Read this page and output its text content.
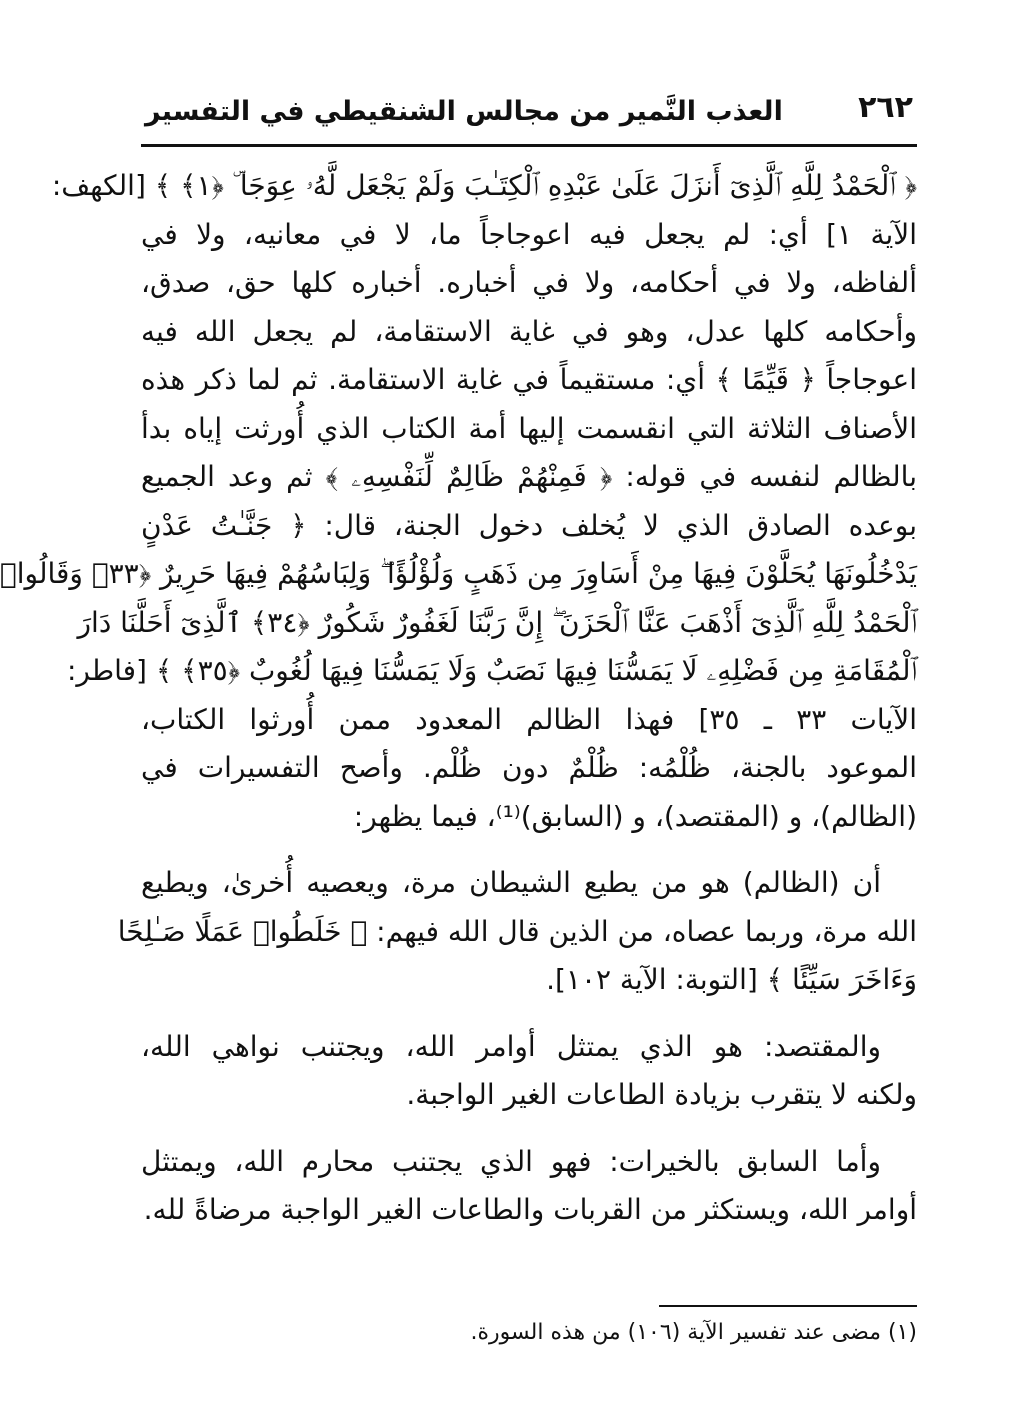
٢٦٢
العذب النَّمير من مجالس الشنقيطي في التفسير
﴿ ٱلْحَمْدُ لِلَّهِ ٱلَّذِىٓ أَنزَلَ عَلَىٰ عَبْدِهِ ٱلْكِتَـٰبَ وَلَمْ يَجْعَل لَّهُۥ عِوَجَا ۜ ﴿١﴾ ﴾ [الكهف:
الآية ١] أي: لم يجعل فيه اعوجاجاً ما، لا في معانيه، ولا في
ألفاظه، ولا في أحكامه، ولا في أخباره. أخباره كلها حق، صدق،
وأحكامه كلها عدل، وهو في غاية الاستقامة، لم يجعل الله فيه
اعوجاجاً ﴿ قَيِّمًا ﴾ أي: مستقيماً في غاية الاستقامة. ثم لما ذكر هذه
الأصناف الثلاثة التي انقسمت إليها أمة الكتاب الذي أُورثت إياه بدأ
بالظالم لنفسه في قوله: ﴿ فَمِنْهُمْ ظَالِمٌ لِّنَفْسِهِۦ ﴾ ثم وعد الجميع
بوعده الصادق الذي لا يُخلف دخول الجنة، قال: ﴿ جَنَّـٰتُ عَدْنٍ
يَدْخُلُونَهَا يُحَلَّوْنَ فِيهَا مِنْ أَسَاوِرَ مِن ذَهَبٍ وَلُؤْلُؤًا ۖ وَلِبَاسُهُمْ فِيهَا حَرِيرٌ ﴿٣٣﴾ وَقَالُوا۟
ٱلْحَمْدُ لِلَّهِ ٱلَّذِىٓ أَذْهَبَ عَنَّا ٱلْحَزَنَ ۖ إِنَّ رَبَّنَا لَغَفُورٌ شَكُورٌ ﴿٣٤﴾ ٱلَّذِىٓ أَحَلَّنَا دَارَ
ٱلْمُقَامَةِ مِن فَضْلِهِۦ لَا يَمَسُّنَا فِيهَا نَصَبٌ وَلَا يَمَسُّنَا فِيهَا لُغُوبٌ ﴿٣٥﴾ ﴾ [فاطر:
الآيات ٣٣ ـ ٣٥] فهذا الظالم المعدود ممن أُورثوا الكتاب،
الموعود بالجنة، ظُلْمُه: ظُلْمٌ دون ظُلْم. وأصح التفسيرات في
(الظالم)، و (المقتصد)، و (السابق)⁽¹⁾، فيما يظهر:
أن (الظالم) هو من يطيع الشيطان مرة، ويعصيه أُخرىٰ، ويطيع
الله مرة، وربما عصاه، من الذين قال الله فيهم: ﴿ خَلَطُوا۟ عَمَلًا صَـٰلِحًا
وَءَاخَرَ سَيِّئًا ﴾ [التوبة: الآية ١٠٢].
والمقتصد: هو الذي يمتثل أوامر الله، ويجتنب نواهي الله،
ولكنه لا يتقرب بزيادة الطاعات الغير الواجبة.
وأما السابق بالخيرات: فهو الذي يجتنب محارم الله، ويمتثل
أوامر الله، ويستكثر من القربات والطاعات الغير الواجبة مرضاةً لله.
(١) مضى عند تفسير الآية (١٠٦) من هذه السورة.
